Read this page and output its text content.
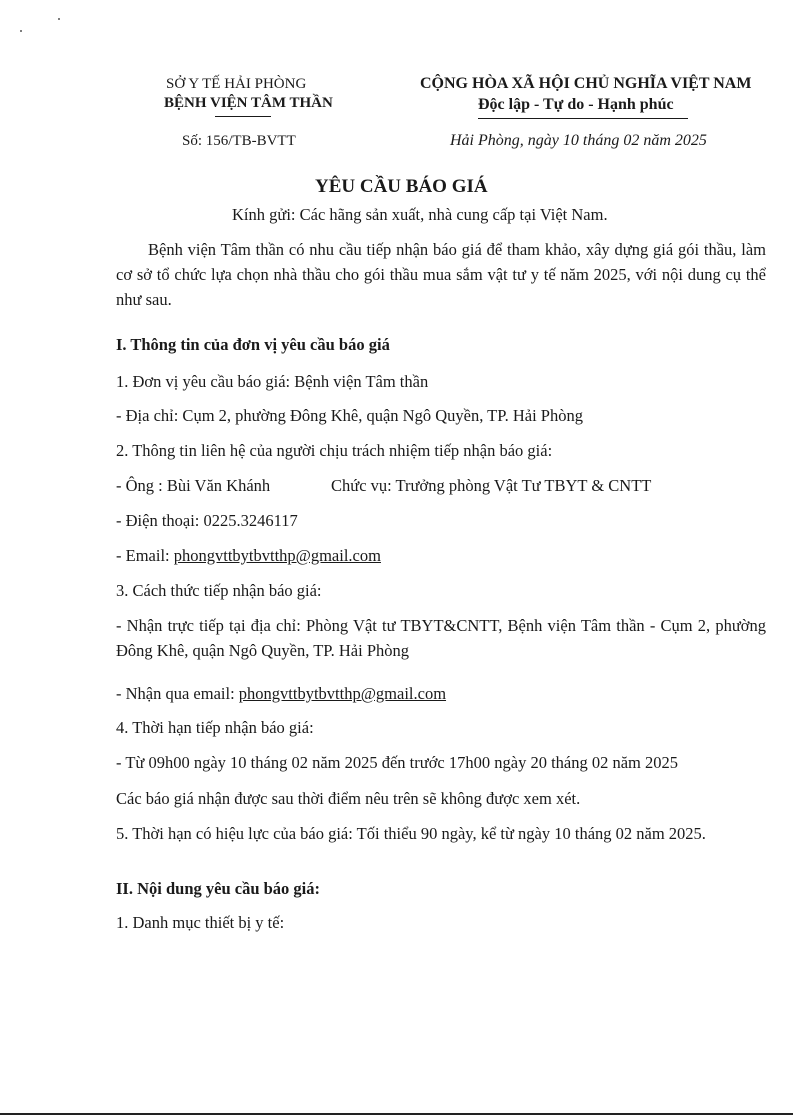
SỞ Y TẾ HẢI PHÒNG
BỆNH VIỆN TÂM THẦN
Số: 156/TB-BVTT
CỘNG HÒA XÃ HỘI CHỦ NGHĨA VIỆT NAM
Độc lập - Tự do - Hạnh phúc
Hải Phòng, ngày 10 tháng 02 năm 2025
YÊU CẦU BÁO GIÁ
Kính gửi: Các hãng sản xuất, nhà cung cấp tại Việt Nam.
Bệnh viện Tâm thần có nhu cầu tiếp nhận báo giá để tham khảo, xây dựng giá gói thầu, làm cơ sở tổ chức lựa chọn nhà thầu cho gói thầu mua sắm vật tư y tế năm 2025, với nội dung cụ thể như sau.
I. Thông tin của đơn vị yêu cầu báo giá
1. Đơn vị yêu cầu báo giá: Bệnh viện Tâm thần
- Địa chỉ: Cụm 2, phường Đông Khê, quận Ngô Quyền, TP. Hải Phòng
2. Thông tin liên hệ của người chịu trách nhiệm tiếp nhận báo giá:
- Ông : Bùi Văn Khánh	Chức vụ: Trưởng phòng Vật Tư TBYT & CNTT
- Điện thoại: 0225.3246117
- Email: phongvttbytbvtthp@gmail.com
3. Cách thức tiếp nhận báo giá:
- Nhận trực tiếp tại địa chỉ: Phòng Vật tư TBYT&CNTT, Bệnh viện Tâm thần - Cụm 2, phường Đông Khê, quận Ngô Quyền, TP. Hải Phòng
- Nhận qua email: phongvttbytbvtthp@gmail.com
4. Thời hạn tiếp nhận báo giá:
- Từ 09h00 ngày 10 tháng 02 năm 2025 đến trước 17h00 ngày 20 tháng 02 năm 2025
Các báo giá nhận được sau thời điểm nêu trên sẽ không được xem xét.
5. Thời hạn có hiệu lực của báo giá: Tối thiểu 90 ngày, kể từ ngày 10 tháng 02 năm 2025.
II. Nội dung yêu cầu báo giá:
1. Danh mục thiết bị y tế:
